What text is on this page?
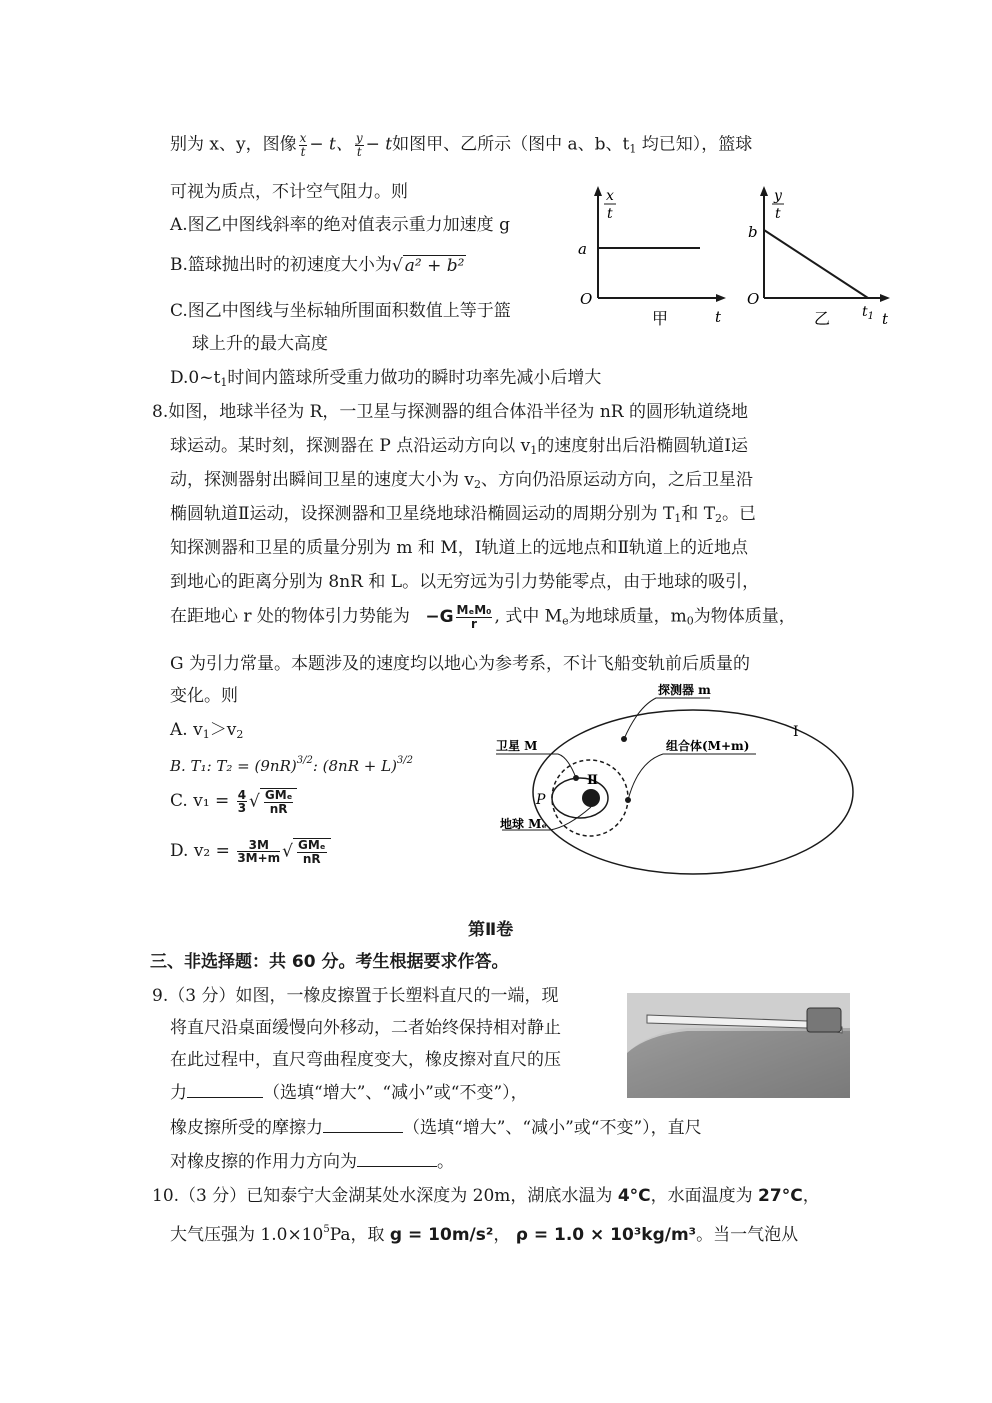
别为 x、y，图像 $\frac{x}{t} - t$、 $\frac{y}{t} - t$如图甲、乙所示（图中 a、b、t1 均已知），篮球
可视为质点，不计空气阻力。则
A.图乙中图线斜率的绝对值表示重力加速度 g
B.篮球抛出时的初速度大小为√ a² + b²
C.图乙中图线与坐标轴所围面积数值上等于篮
球上升的最大高度
D.0~t1时间内篮球所受重力做功的瞬时功率先减小后增大
x
t
a
O
t
甲
y
t
b
O
$t_1$ t
乙
8.如图，地球半径为 R，一卫星与探测器的组合体沿半径为 nR 的圆形轨道绕地
球运动。某时刻，探测器在 P 点沿运动方向以 v1的速度射出后沿椭圆轨道Ⅰ运
动，探测器射出瞬间卫星的速度大小为 v2、方向仍沿原运动方向，之后卫星沿
椭圆轨道Ⅱ运动，设探测器和卫星绕地球沿椭圆运动的周期分别为 T1和 T2。已
知探测器和卫星的质量分别为 m 和 M，Ⅰ轨道上的远地点和Ⅱ轨道上的近地点
到地心的距离分别为 8nR 和 L。以无穷远为引力势能零点，由于地球的吸引，
在距地心 r 处的物体引力势能为 $-G \frac{\text{MₑM₀}}{r}$ , 式中 Me为地球质量，m0为物体质量，
G 为引力常量。本题涉及的速度均以地心为参考系，不计飞船变轨前后质量的
变化。则
A. v1＞v2
B. T₁: $T_2 = (9nR)^{3/2}$: $(8nR + L)^{3/2}$
C. $v_1 = \frac{4}{3}$ √ $\frac{\text{GMₑ}}{nR}$
D. $v_2 = \frac{3M}{3M+m}$ √ $\frac{\text{GMₑ}}{nR}$
探测器 m
Ⅰ
卫星 M
Ⅱ
组合体(M+m)
P
地球 Mₑ
第Ⅱ卷
三、非选择题：共 60 分。考生根据要求作答。
9.（3 分）如图，一橡皮擦置于长塑料直尺的一端，现
将直尺沿桌面缓慢向外移动，二者始终保持相对静止
在此过程中，直尺弯曲程度变大，橡皮擦对直尺的压
力	（选填“增大”、“减小”或“不变”），
橡皮擦所受的摩擦力	（选填“增大”、“减小”或“不变”），直尺
对橡皮擦的作用力方向为	。
10.（3 分）已知泰宁大金湖某处水深度为 20m，湖底水温为 4°C，水面温度为 27°C，
大气压强为 $1.0\times 10^5Pa$，取 g = 10m/s²， ρ = 1.0 × 10³kg/m³。当一气泡从
